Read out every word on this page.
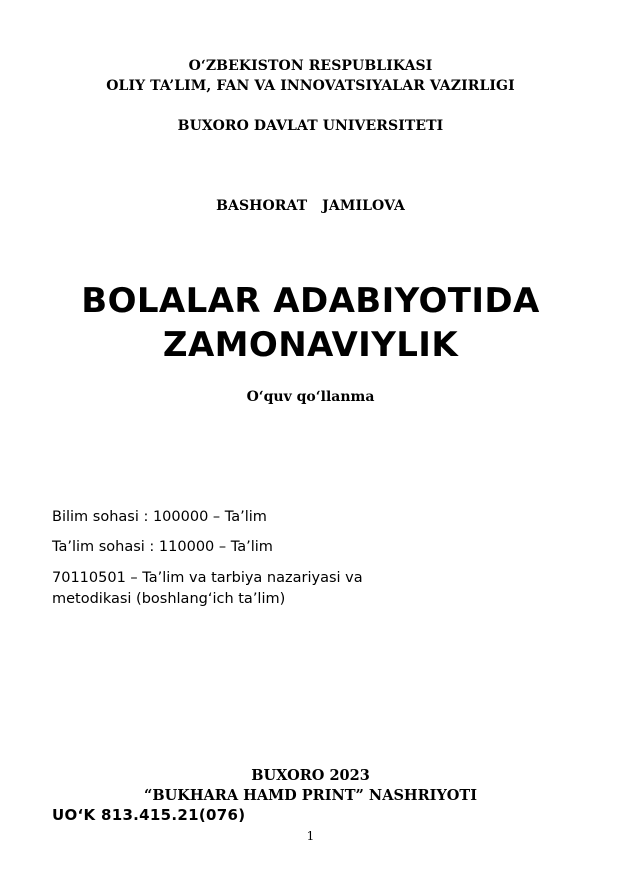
O‘ZBEKISTON RESPUBLIKASI
OLIY TA’LIM, FAN VA INNOVATSIYALAR VAZIRLIGI
BUXORO DAVLAT UNIVERSITETI
BASHORAT   JAMILOVA
BOLALAR ADABIYOTIDA
ZAMONAVIYLIK
O‘quv qo‘llanma
Bilim sohasi : 100000 – Ta’lim
Ta’lim sohasi : 110000 – Ta’lim
70110501 – Ta’lim va tarbiya nazariyasi va
metodikasi (boshlang‘ich ta’lim)
BUXORO 2023
“BUKHARA HAMD PRINT” NASHRIYOTI
UO‘K 813.415.21(076)
1
